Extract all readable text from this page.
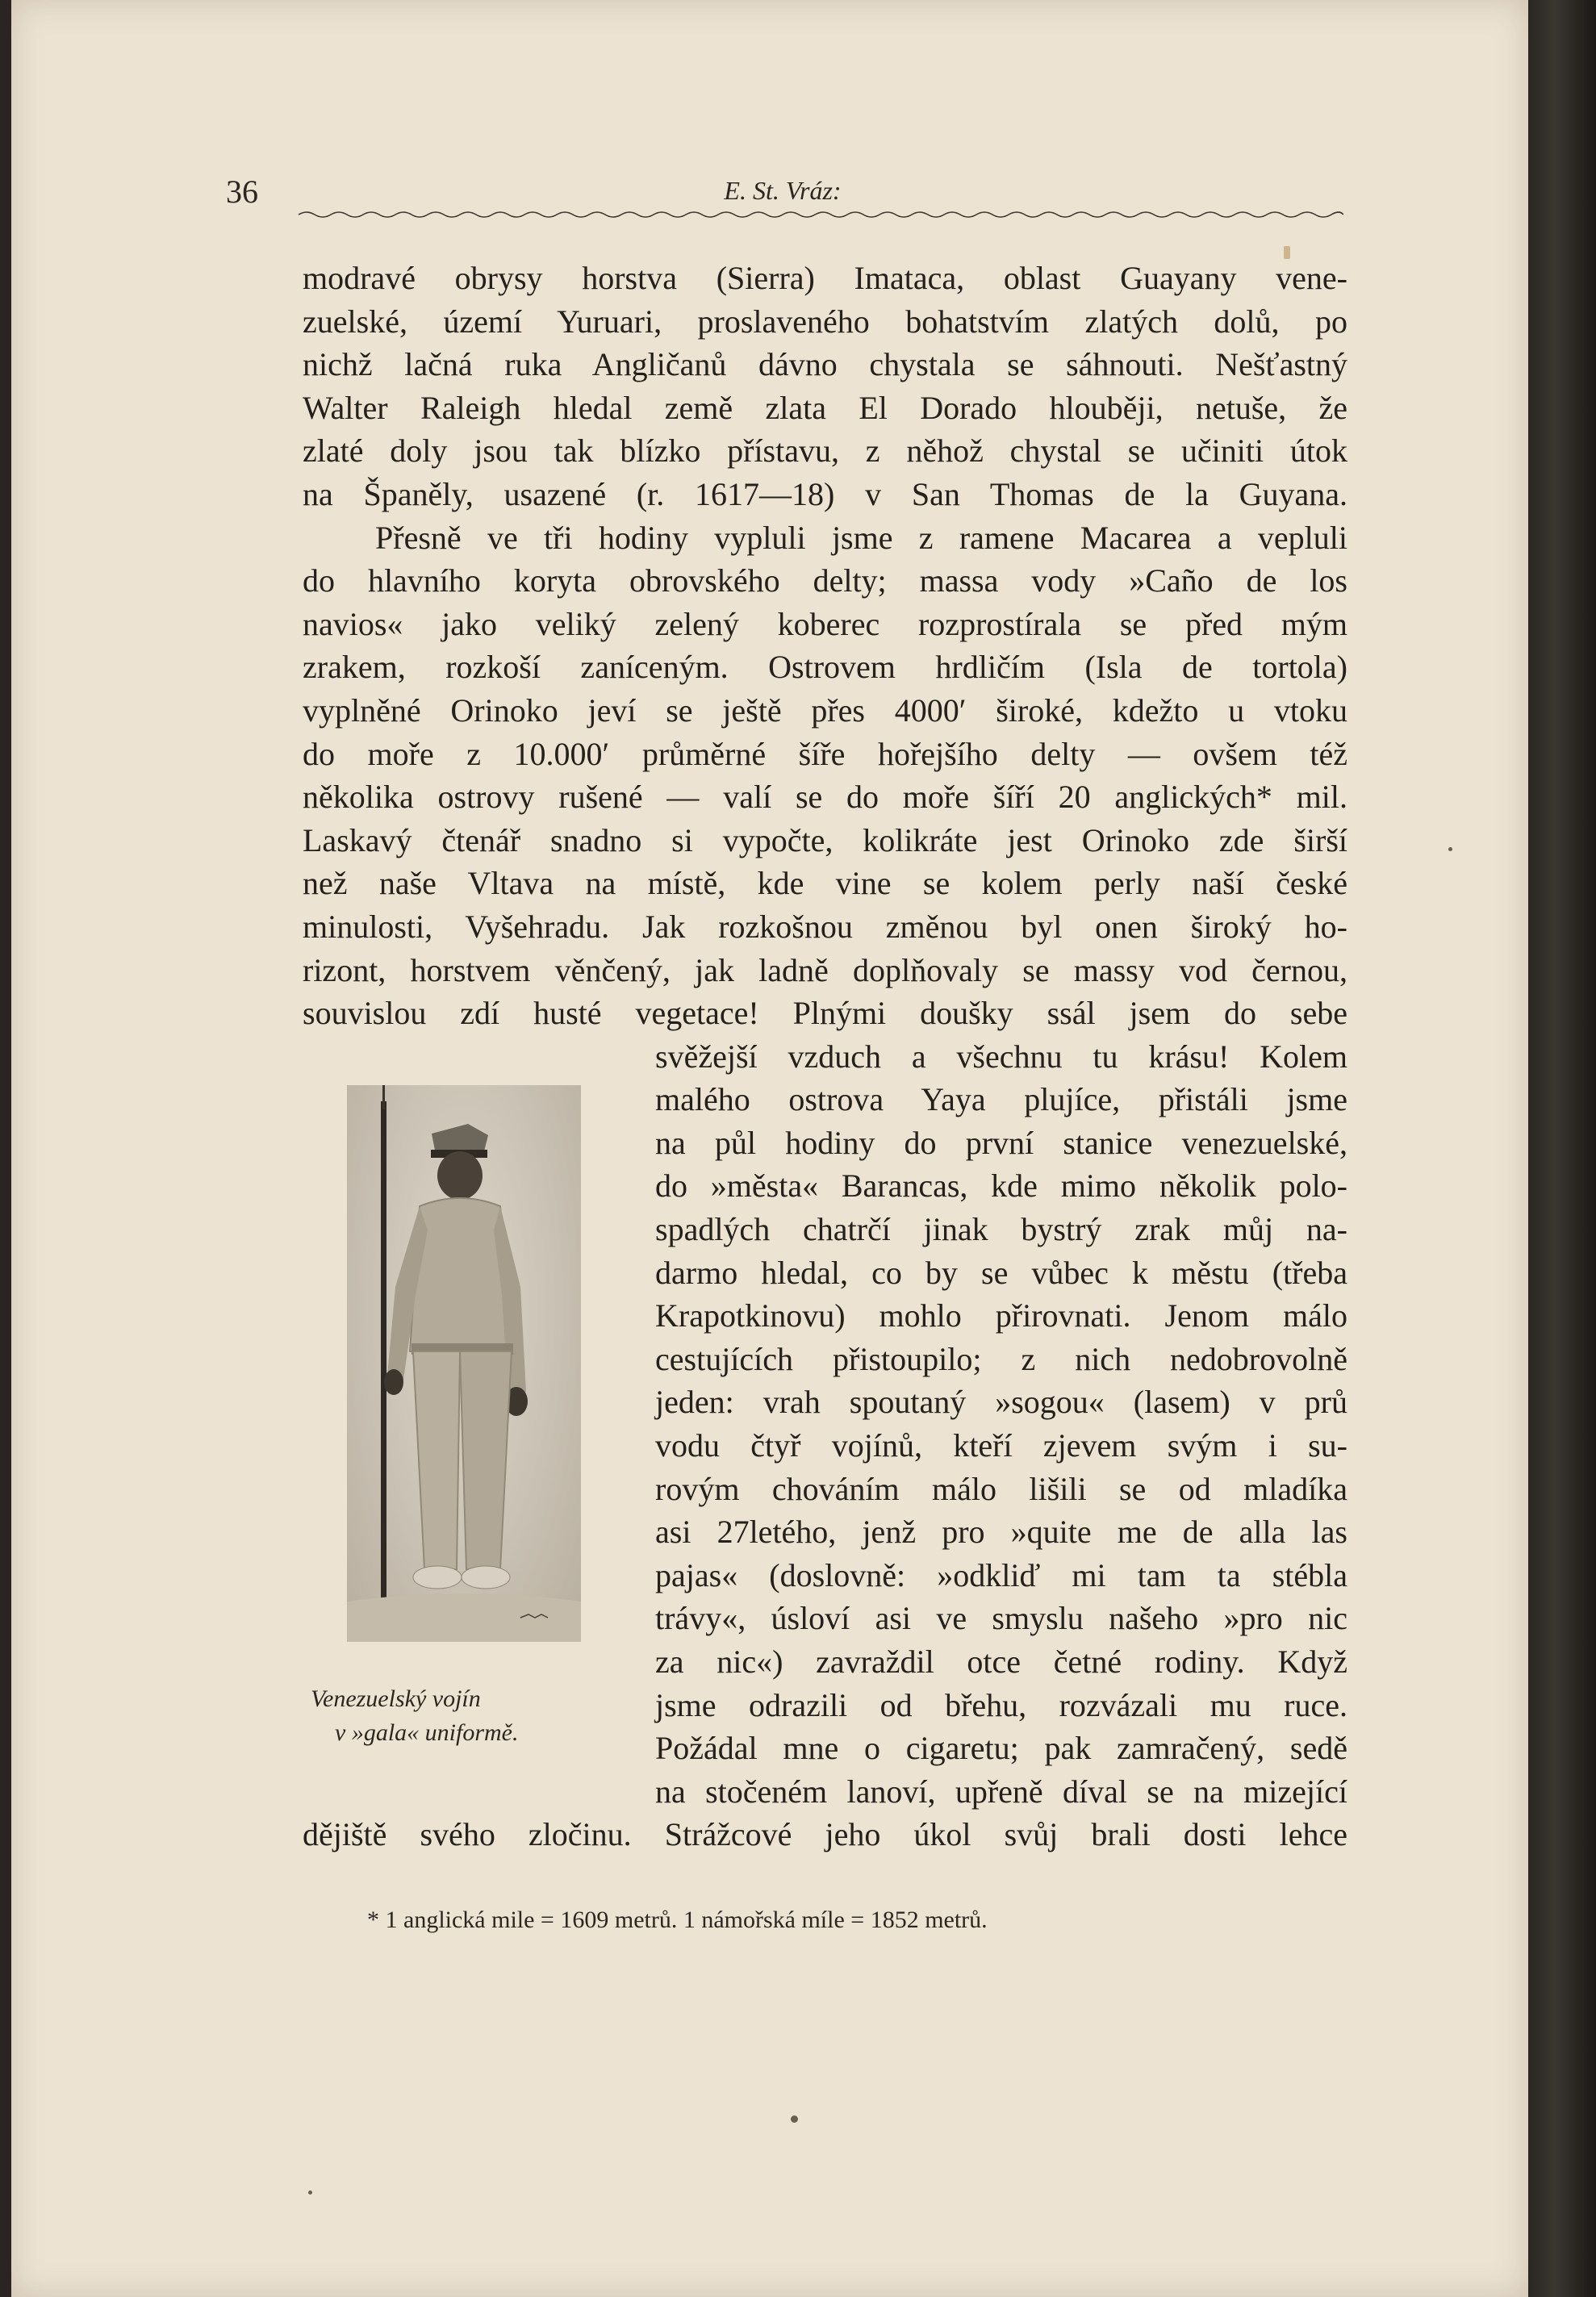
36	E. St. Vráz:
modravé obrysy horstva (Sierra) Imataca, oblast Guayany vene-
zuelské, území Yuruari, proslaveného bohatstvím zlatých dolů, po
nichž lačná ruka Angličanů dávno chystala se sáhnouti. Nešťastný
Walter Raleigh hledal země zlata El Dorado hlouběji, netuše, že
zlaté doly jsou tak blízko přístavu, z něhož chystal se učiniti útok
na Španěly, usazené (r. 1617—18) v San Thomas de la Guyana.
Přesně ve tři hodiny vypluli jsme z ramene Macarea a vepluli
do hlavního koryta obrovského delty; massa vody »Caño de los
navios« jako veliký zelený koberec rozprostírala se před mým
zrakem, rozkoší zaníceným. Ostrovem hrdličím (Isla de tortola)
vyplněné Orinoko jeví se ještě přes 4000′ široké, kdežto u vtoku
do moře z 10.000′ průměrné šíře hořejšího delty — ovšem též
několika ostrovy rušené — valí se do moře šíří 20 anglických* mil.
Laskavý čtenář snadno si vypočte, kolikráte jest Orinoko zde širší
než naše Vltava na místě, kde vine se kolem perly naší české
minulosti, Vyšehradu. Jak rozkošnou změnou byl onen široký ho-
rizont, horstvem věnčený, jak ladně doplňovaly se massy vod černou,
souvislou zdí husté vegetace! Plnými doušky ssál jsem do sebe
svěžejší vzduch a všechnu tu krásu! Kolem
malého ostrova Yaya plujíce, přistáli jsme
na půl hodiny do první stanice venezuelské,
do »města« Barancas, kde mimo několik polo-
spadlých chatrčí jinak bystrý zrak můj na-
darmo hledal, co by se vůbec k městu (třeba
Krapotkinovu) mohlo přirovnati. Jenom málo
cestujících přistoupilo; z nich nedobrovolně
jeden: vrah spoutaný »sogou« (lasem) v prů
vodu čtyř vojínů, kteří zjevem svým i su-
rovým chováním málo lišili se od mladíka
asi 27letého, jenž pro »quite me de alla las
pajas« (doslovně: »odkliď mi tam ta stébla
trávy«, úsloví asi ve smyslu našeho »pro nic
za nic«) zavraždil otce četné rodiny. Když
jsme odrazili od břehu, rozvázali mu ruce.
Požádal mne o cigaretu; pak zamračený, sedě
na stočeném lanoví, upřeně díval se na mizející
dějiště svého zločinu. Strážcové jeho úkol svůj brali dosti lehce
Venezuelský vojín
v »gala« uniformě.
* 1 anglická mile = 1609 metrů. 1 námořská míle = 1852 metrů.
